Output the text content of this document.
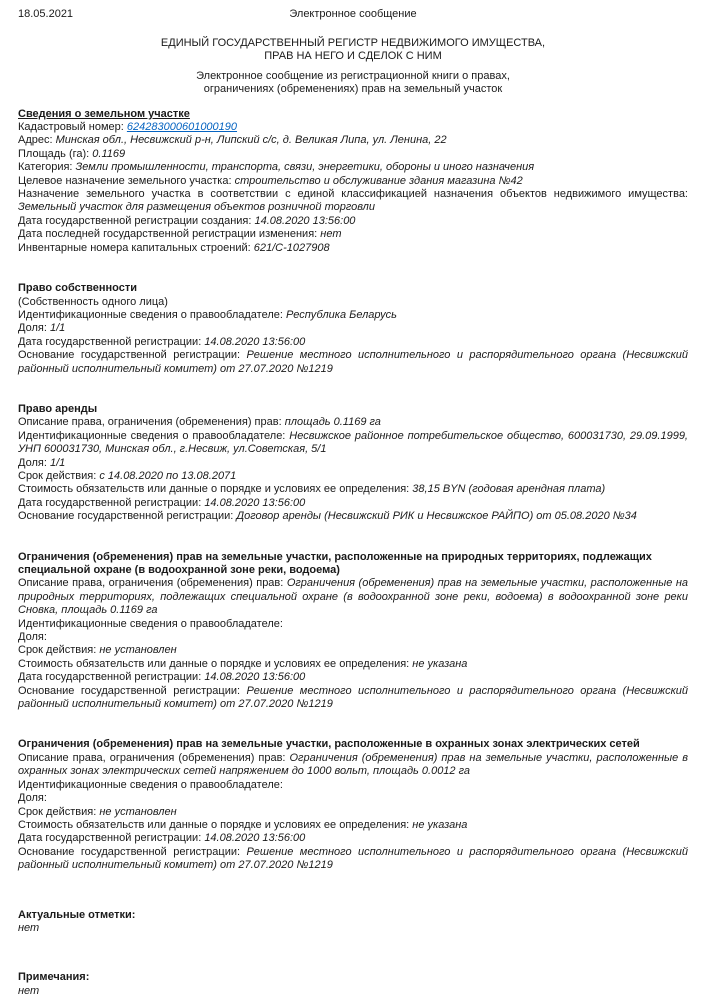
18.05.2021	Электронное сообщение
ЕДИНЫЙ ГОСУДАРСТВЕННЫЙ РЕГИСТР НЕДВИЖИМОГО ИМУЩЕСТВА,
ПРАВ НА НЕГО И СДЕЛОК С НИМ
Электронное сообщение из регистрационной книги о правах,
ограничениях (обременениях) прав на земельный участок
Сведения о земельном участке

Кадастровый номер: 624283000601000190

Адрес: Минская обл., Несвижский р-н, Липский с/с, д. Великая Липа, ул. Ленина, 22

Площадь (га): 0.1169

Категория: Земли промышленности, транспорта, связи, энергетики, обороны и иного назначения

Целевое назначение земельного участка: строительство и обслуживание здания магазина №42

Назначение земельного участка в соответствии с единой классификацией назначения объектов недвижимого имущества: Земельный участок для размещения объектов розничной торговли

Дата государственной регистрации создания: 14.08.2020 13:56:00

Дата последней государственной регистрации изменения: нет

Инвентарные номера капитальных строений: 621/С-1027908

Право собственности

(Собственность одного лица)

Идентификационные сведения о правообладателе: Республика Беларусь

Доля: 1/1

Дата государственной регистрации: 14.08.2020 13:56:00

Основание государственной регистрации: Решение местного исполнительного и распорядительного органа (Несвижский районный исполнительный комитет) от 27.07.2020 №1219

Право аренды

Описание права, ограничения (обременения) прав: площадь 0.1169 га

Идентификационные сведения о правообладателе: Несвижское районное потребительское общество, 600031730, 29.09.1999, УНП 600031730, Минская обл., г.Несвиж, ул.Советская, 5/1

Доля: 1/1

Срок действия: с 14.08.2020 по 13.08.2071

Стоимость обязательств или данные о порядке и условиях ее определения: 38,15 BYN (годовая арендная плата)

Дата государственной регистрации: 14.08.2020 13:56:00

Основание государственной регистрации: Договор аренды (Несвижский РИК и Несвижское РАЙПО) от 05.08.2020 №34

Ограничения (обременения) прав на земельные участки, расположенные на природных территориях, подлежащих специальной охране (в водоохранной зоне реки, водоема)

Описание права, ограничения (обременения) прав: Ограничения (обременения) прав на земельные участки, расположенные на природных территориях, подлежащих специальной охране (в водоохранной зоне реки, водоема) в водоохранной зоне реки Сновка, площадь 0.1169 га

Идентификационные сведения о правообладателе:

Доля:

Срок действия: не установлен

Стоимость обязательств или данные о порядке и условиях ее определения: не указана

Дата государственной регистрации: 14.08.2020 13:56:00

Основание государственной регистрации: Решение местного исполнительного и распорядительного органа (Несвижский районный исполнительный комитет) от 27.07.2020 №1219

Ограничения (обременения) прав на земельные участки, расположенные в охранных зонах электрических сетей

Описание права, ограничения (обременения) прав: Ограничения (обременения) прав на земельные участки, расположенные в охранных зонах электрических сетей напряжением до 1000 вольт, площадь 0.0012 га

Идентификационные сведения о правообладателе:

Доля:

Срок действия: не установлен

Стоимость обязательств или данные о порядке и условиях ее определения: не указана

Дата государственной регистрации: 14.08.2020 13:56:00

Основание государственной регистрации: Решение местного исполнительного и распорядительного органа (Несвижский районный исполнительный комитет) от 27.07.2020 №1219

Актуальные отметки:

нет

Примечания:

нет
